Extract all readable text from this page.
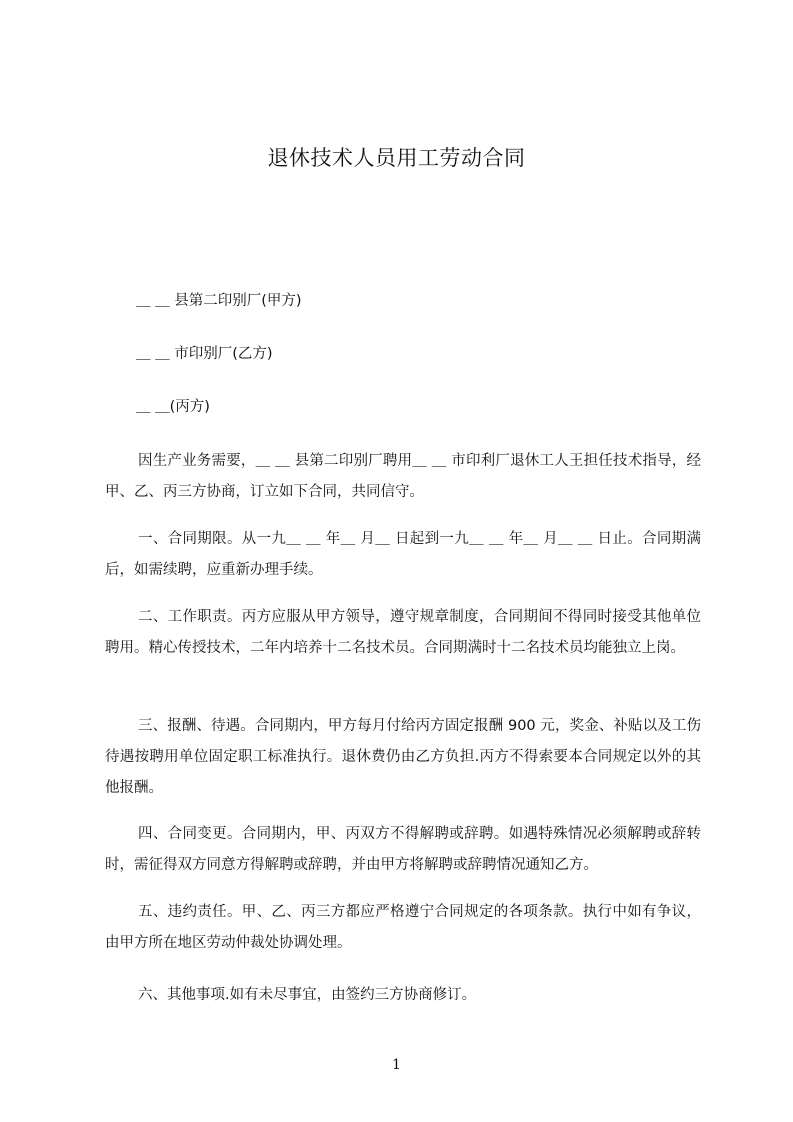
退休技术人员用工劳动合同
＿ ＿ 县第二印别厂(甲方)
＿ ＿ 市印别厂(乙方)
＿ ＿(丙方)
因生产业务需要，＿ ＿ 县第二印别厂聘用＿ ＿ 市印利厂退休工人王担任技术指导，经甲、乙、丙三方协商，订立如下合同，共同信守。
一、合同期限。从一九＿ ＿ 年＿ 月＿ 日起到一九＿ ＿ 年＿ 月＿ ＿ 日止。合同期满后，如需续聘，应重新办理手续。
二、工作职责。丙方应服从甲方领导，遵守规章制度，合同期间不得同时接受其他单位聘用。精心传授技术，二年内培养十二名技术员。合同期满时十二名技术员均能独立上岗。
三、报酬、待遇。合同期内，甲方每月付给丙方固定报酬 900 元，奖金、补贴以及工伤待遇按聘用单位固定职工标准执行。退休费仍由乙方负担.丙方不得索要本合同规定以外的其他报酬。
四、合同变更。合同期内，甲、丙双方不得解聘或辞聘。如遇特殊情况必须解聘或辞转时，需征得双方同意方得解聘或辞聘，并由甲方将解聘或辞聘情况通知乙方。
五、违约责任。甲、乙、丙三方都应严格遵宁合同规定的各项条款。执行中如有争议，由甲方所在地区劳动仲裁处协调处理。
六、其他事项.如有未尽事宜，由签约三方协商修订。
1
